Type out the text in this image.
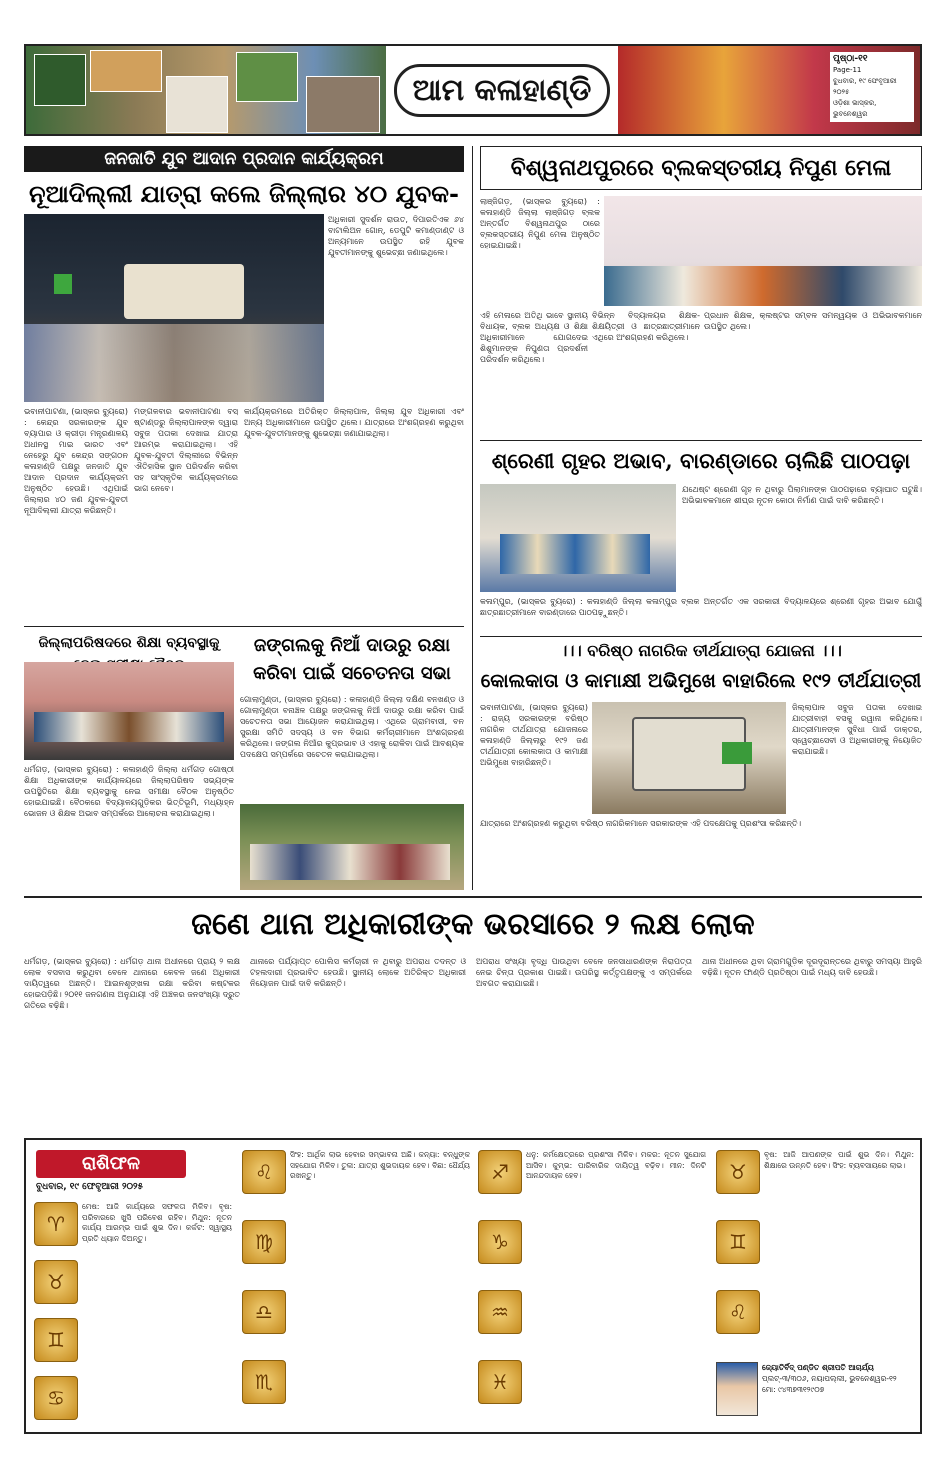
ଆମ କଳାହାଣ୍ଡି
ପୃଷ୍ଠା-୧୧
Page-11
ବୁଧବାର, ୧୯ ଫେବୃଆରୀ ୨୦୨୫
ଓଡ଼ିଶା ଭାସ୍କର, ଭୁବନେଶ୍ୱର
ଜନଜାତି ଯୁବ ଆଦାନ ପ୍ରଦାନ କାର୍ଯ୍ୟକ୍ରମ
ନୂଆଦିଲ୍ଲୀ ଯାତ୍ରା କଲେ ଜିଲ୍ଲାର ୪୦ ଯୁବକ-
ଅଧିକାରୀ ସୁଦର୍ଶନ ରାଉତ, ଦିପାରତିଏକ ୬୪ ବାଟାଲିଅନ ଗୋନ୍, ଡେପୁଟି କମାଣ୍ଡାଣ୍ଟ ଓ ଅନ୍ୟମାନେ ଉପସ୍ଥିତ ରହି ଯୁବକ ଯୁବତୀମାନଙ୍କୁ ଶୁଭେଚ୍ଛା ଜଣାଇଥିଲେ।
ଭବାନୀପାଟଣା, (ଭାସ୍କର ବ୍ୟୁରୋ) : କେନ୍ଦ୍ର ସରକାରଙ୍କ ଯୁବ ବ୍ୟାପାର ଓ କ୍ରୀଡ଼ା ମନ୍ତ୍ରଣାଳୟ ଅଧୀନସ୍ଥ ମାଇ ଭାରତ ଏବଂ ନେହେରୁ ଯୁବ କେନ୍ଦ୍ର ସଙ୍ଗଠନ କଳାହାଣ୍ଡି ପକ୍ଷରୁ ଜନଜାତି ଯୁବ ଆଦାନ ପ୍ରଦାନ କାର୍ଯ୍ୟକ୍ରମ ଅନୁଷ୍ଠିତ ହେଉଛି। ଏଥିପାଇଁ ଜିଲ୍ଲାର ୪୦ ଜଣ ଯୁବକ-ଯୁବତୀ ନୂଆଦିଲ୍ଲୀ ଯାତ୍ରା କରିଛନ୍ତି।
ମଙ୍ଗଳବାର ଭବାନୀପାଟଣା ବସ୍ ଷ୍ଟାଣ୍ଡରୁ ଜିଲ୍ଲାପାଳଙ୍କ ଦ୍ୱାରା ସବୁଜ ପତାକା ଦେଖାଇ ଯାତ୍ରା ଆରମ୍ଭ କରାଯାଇଥିଲା। ଏହି ଯୁବକ-ଯୁବତୀ ଦିଲ୍ଲୀରେ ବିଭିନ୍ନ ଐତିହାସିକ ସ୍ଥାନ ପରିଦର୍ଶନ କରିବା ସହ ସାଂସ୍କୃତିକ କାର୍ଯ୍ୟକ୍ରମରେ ଭାଗ ନେବେ।
କାର୍ଯ୍ୟକ୍ରମରେ ଅତିରିକ୍ତ ଜିଲ୍ଲାପାଳ, ଜିଲ୍ଲା ଯୁବ ଅଧିକାରୀ ଏବଂ ଅନ୍ୟ ଅଧିକାରୀମାନେ ଉପସ୍ଥିତ ଥିଲେ। ଯାତ୍ରାରେ ଅଂଶଗ୍ରହଣ କରୁଥିବା ଯୁବକ-ଯୁବତୀମାନଙ୍କୁ ଶୁଭେଚ୍ଛା ଜଣାଯାଇଥିଲା।
ବିଶ୍ୱନାଥପୁରରେ ବ୍ଲକସ୍ତରୀୟ ନିପୁଣ ମେଳା
ଲାଞ୍ଜିଗଡ଼, (ଭାସ୍କର ବ୍ୟୁରୋ) : କଳାହାଣ୍ଡି ଜିଲ୍ଲା ଲାଞ୍ଜିଗଡ଼ ବ୍ଲକ ଅନ୍ତର୍ଗତ ବିଶ୍ୱନାଥପୁର ଠାରେ ବ୍ଲକସ୍ତରୀୟ ନିପୁଣ ମେଳା ଅନୁଷ୍ଠିତ ହୋଇଯାଇଛି।
ଏହି ମେଳାରେ ଅତିଥି ଭାବେ ସ୍ଥାନୀୟ ବିଧାୟକ, ବ୍ଲକ ଅଧ୍ୟକ୍ଷ ଓ ଶିକ୍ଷା ଅଧିକାରୀମାନେ ଯୋଗଦେଇ ଶିଶୁମାନଙ୍କ ନିପୁଣତା ପ୍ରଦର୍ଶନୀ ପରିଦର୍ଶନ କରିଥିଲେ।
ବିଭିନ୍ନ ବିଦ୍ୟାଳୟର ଶିକ୍ଷକ-ଶିକ୍ଷୟିତ୍ରୀ ଓ ଛାତ୍ରଛାତ୍ରୀମାନେ ଏଥିରେ ଅଂଶଗ୍ରହଣ କରିଥିଲେ।
ପ୍ରଧାନ ଶିକ୍ଷକ, କ୍ଲଷ୍ଟର ସମ୍ବଳ ସମନ୍ୱୟକ ଓ ଅଭିଭାବକମାନେ ଉପସ୍ଥିତ ଥିଲେ।
ଶ୍ରେଣୀ ଗୃହର ଅଭାବ, ବାରଣ୍ଡାରେ ଚାଲିଛି ପାଠପଢ଼ା
ଯଥେଷ୍ଟ ଶ୍ରେଣୀ ଗୃହ ନ ଥିବାରୁ ପିଲାମାନଙ୍କ ପାଠପଢ଼ାରେ ବ୍ୟାଘାତ ଘଟୁଛି। ଅଭିଭାବକମାନେ ଶୀଘ୍ର ନୂତନ କୋଠା ନିର୍ମାଣ ପାଇଁ ଦାବି କରିଛନ୍ତି।
କଳାମ୍ପୁର, (ଭାସ୍କର ବ୍ୟୁରୋ) : କଳାହାଣ୍ଡି ଜିଲ୍ଲା କଳାମ୍ପୁର ବ୍ଲକ ଅନ୍ତର୍ଗତ ଏକ ସରକାରୀ ବିଦ୍ୟାଳୟରେ ଶ୍ରେଣୀ ଗୃହର ଅଭାବ ଯୋଗୁଁ ଛାତ୍ରଛାତ୍ରୀମାନେ ବାରଣ୍ଡାରେ ପାଠପଢ଼ୁଛନ୍ତି।
ଜିଲ୍ଲାପରିଷଦରେ ଶିକ୍ଷା ବ୍ୟବସ୍ଥାକୁ
ଧର୍ମଗଡ଼, (ଭାସ୍କର ବ୍ୟୁରୋ) : କଳାହାଣ୍ଡି ଜିଲ୍ଲା ଧର୍ମଗଡ଼ ଗୋଷ୍ଠୀ ଶିକ୍ଷା ଅଧିକାରୀଙ୍କ କାର୍ଯ୍ୟାଳୟରେ ଜିଲ୍ଲାପରିଷଦ ସଭ୍ୟଙ୍କ ଉପସ୍ଥିତିରେ ଶିକ୍ଷା ବ୍ୟବସ୍ଥାକୁ ନେଇ ସମୀକ୍ଷା ବୈଠକ ଅନୁଷ୍ଠିତ ହୋଇଯାଇଛି। ବୈଠକରେ ବିଦ୍ୟାଳୟଗୁଡ଼ିକର ଭିତ୍ତିଭୂମି, ମଧ୍ୟାହ୍ନ ଭୋଜନ ଓ ଶିକ୍ଷକ ଅଭାବ ସମ୍ପର୍କରେ ଆଲୋଚନା କରାଯାଇଥିଲା।
ଜଙ୍ଗଲକୁ ନିଆଁ ଦାଉରୁ ରକ୍ଷା କରିବା ପାଇଁ ସଚେତନତା ସଭା
ଗୋଲାମୁଣ୍ଡା, (ଭାସ୍କର ବ୍ୟୁରୋ) : କଳାହାଣ୍ଡି ଜିଲ୍ଲା ଦକ୍ଷିଣ ବନଖଣ୍ଡ ଓ ଗୋଲାମୁଣ୍ଡା ବନାଞ୍ଚଳ ପକ୍ଷରୁ ଜଙ୍ଗଲକୁ ନିଆଁ ଦାଉରୁ ରକ୍ଷା କରିବା ପାଇଁ ସଚେତନତା ସଭା ଆୟୋଜନ କରାଯାଇଥିଲା। ଏଥିରେ ଗ୍ରାମବାସୀ, ବନ ସୁରକ୍ଷା ସମିତି ସଦସ୍ୟ ଓ ବନ ବିଭାଗ କର୍ମଚାରୀମାନେ ଅଂଶଗ୍ରହଣ କରିଥିଲେ। ଜଙ୍ଗଲ ନିଆଁର କୁପ୍ରଭାବ ଓ ଏହାକୁ ରୋକିବା ପାଇଁ ଆବଶ୍ୟକ ପଦକ୍ଷେପ ସମ୍ପର୍କରେ ସଚେତନ କରାଯାଇଥିଲା।
।।। ବରିଷ୍ଠ ନାଗରିକ ତୀର୍ଥଯାତ୍ରା ଯୋଜନା ।।।
କୋଲକାତା ଓ କାମାକ୍ଷୀ ଅଭିମୁଖେ ବାହାରିଲେ ୧୯୨ ତୀର୍ଥଯାତ୍ରୀ
ଭବାନୀପାଟଣା, (ଭାସ୍କର ବ୍ୟୁରୋ) : ରାଜ୍ୟ ସରକାରଙ୍କ ବରିଷ୍ଠ ନାଗରିକ ତୀର୍ଥଯାତ୍ରା ଯୋଜନାରେ କଳାହାଣ୍ଡି ଜିଲ୍ଲାରୁ ୧୯୨ ଜଣ ତୀର୍ଥଯାତ୍ରୀ କୋଲକାତା ଓ କାମାକ୍ଷୀ ଅଭିମୁଖେ ବାହାରିଛନ୍ତି।
ଜିଲ୍ଲାପାଳ ସବୁଜ ପତାକା ଦେଖାଇ ଯାତ୍ରୀବାହୀ ବସକୁ ରୱାନା କରିଥିଲେ। ଯାତ୍ରୀମାନଙ୍କ ସୁବିଧା ପାଇଁ ଡାକ୍ତର, ସ୍ୱେଚ୍ଛାସେବୀ ଓ ଅଧିକାରୀଙ୍କୁ ନିୟୋଜିତ କରାଯାଇଛି।
ଯାତ୍ରାରେ ଅଂଶଗ୍ରହଣ କରୁଥିବା ବରିଷ୍ଠ ନାଗରିକମାନେ ସରକାରଙ୍କ ଏହି ପଦକ୍ଷେପକୁ ପ୍ରଶଂସା କରିଛନ୍ତି।
ଜଣେ ଥାନା ଅଧିକାରୀଙ୍କ ଭରସାରେ ୨ ଲକ୍ଷ ଲୋକ
ଧର୍ମଗଡ଼, (ଭାସ୍କର ବ୍ୟୁରୋ) : ଧର୍ମଗଡ଼ ଥାନା ଅଧୀନରେ ପ୍ରାୟ ୨ ଲକ୍ଷ ଲୋକ ବସବାସ କରୁଥିବା ବେଳେ ଥାନାରେ କେବଳ ଜଣେ ଅଧିକାରୀ ଦାୟିତ୍ୱରେ ଅଛନ୍ତି। ଆଇନଶୃଙ୍ଖଳା ରକ୍ଷା କରିବା କଷ୍ଟକର ହୋଇପଡ଼ିଛି। ୨୦୧୧ ଜନଗଣନା ଅନୁଯାୟୀ ଏହି ଅଞ୍ଚଳର ଜନସଂଖ୍ୟା ଦ୍ରୁତ ଗତିରେ ବଢ଼ିଛି।
ଥାନାରେ ପର୍ଯ୍ୟାପ୍ତ ପୋଲିସ କର୍ମଚାରୀ ନ ଥିବାରୁ ଅପରାଧ ତଦନ୍ତ ଓ ଟହଲଦାରୀ ପ୍ରଭାବିତ ହେଉଛି। ସ୍ଥାନୀୟ ଲୋକେ ଅତିରିକ୍ତ ଅଧିକାରୀ ନିୟୋଜନ ପାଇଁ ଦାବି କରିଛନ୍ତି।
ଅପରାଧ ସଂଖ୍ୟା ବୃଦ୍ଧି ପାଉଥିବା ବେଳେ ଜନସାଧାରଣଙ୍କ ନିରାପତ୍ତା ନେଇ ଚିନ୍ତା ପ୍ରକାଶ ପାଇଛି। ଉପରିସ୍ଥ କର୍ତ୍ତୃପକ୍ଷଙ୍କୁ ଏ ସମ୍ପର୍କରେ ଅବଗତ କରାଯାଇଛି।
ଥାନା ଅଧୀନରେ ଥିବା ଗ୍ରାମଗୁଡ଼ିକ ଦୂରଦୂରାନ୍ତରେ ଥିବାରୁ ସମସ୍ୟା ଆହୁରି ବଢ଼ିଛି। ନୂତନ ଫାଣ୍ଡି ପ୍ରତିଷ୍ଠା ପାଇଁ ମଧ୍ୟ ଦାବି ହେଉଛି।
ରାଶିଫଳ
ବୁଧବାର, ୧୯ ଫେବୃଆରୀ ୨୦୨୫
♈
♉
♊
♋
ମେଷ: ଆଜି କାର୍ଯ୍ୟରେ ସଫଳତା ମିଳିବ। ବୃଷ: ପରିବାରରେ ଖୁସି ପରିବେଶ ରହିବ। ମିଥୁନ: ନୂତନ କାର୍ଯ୍ୟ ଆରମ୍ଭ ପାଇଁ ଶୁଭ ଦିନ। କର୍କଟ: ସ୍ୱାସ୍ଥ୍ୟ ପ୍ରତି ଧ୍ୟାନ ଦିଅନ୍ତୁ।
♌
♍
♎
♏
ସିଂହ: ଆର୍ଥିକ ଲାଭ ହେବାର ସମ୍ଭାବନା ଅଛି। କନ୍ୟା: ବନ୍ଧୁଙ୍କ ସହଯୋଗ ମିଳିବ। ତୁଳା: ଯାତ୍ରା ଶୁଭଦାୟକ ହେବ। ବିଛା: ଧୈର୍ଯ୍ୟ ରଖନ୍ତୁ।	♐
♑
♒
♓
ଧନୁ: କର୍ମକ୍ଷେତ୍ରରେ ପ୍ରଶଂସା ମିଳିବ। ମକର: ନୂତନ ସୁଯୋଗ ଆସିବ। କୁମ୍ଭ: ପାରିବାରିକ ଦାୟିତ୍ୱ ବଢ଼ିବ। ମୀନ: ଦିନଟି ଆନନ୍ଦଦାୟକ ହେବ।	♉
♊
♌
ବୃଷ: ଆଜି ଆପଣଙ୍କ ପାଇଁ ଶୁଭ ଦିନ। ମିଥୁନ: ଶିକ୍ଷାରେ ଉନ୍ନତି ହେବ। ସିଂହ: ବ୍ୟବସାୟରେ ଲାଭ।
ଜ୍ୟୋତିର୍ବିଦ୍ ପଣ୍ଡିତ ଶ୍ରୀପତି ଆଚାର୍ଯ୍ୟ
ପ୍ଲଟ୍-୩/୩୦୬, ନୟାପଲ୍ଲୀ, ଭୁବନେଶ୍ୱର-୧୨
ମୋ: ୯୪୩୭୩୧୨୯୦୭
